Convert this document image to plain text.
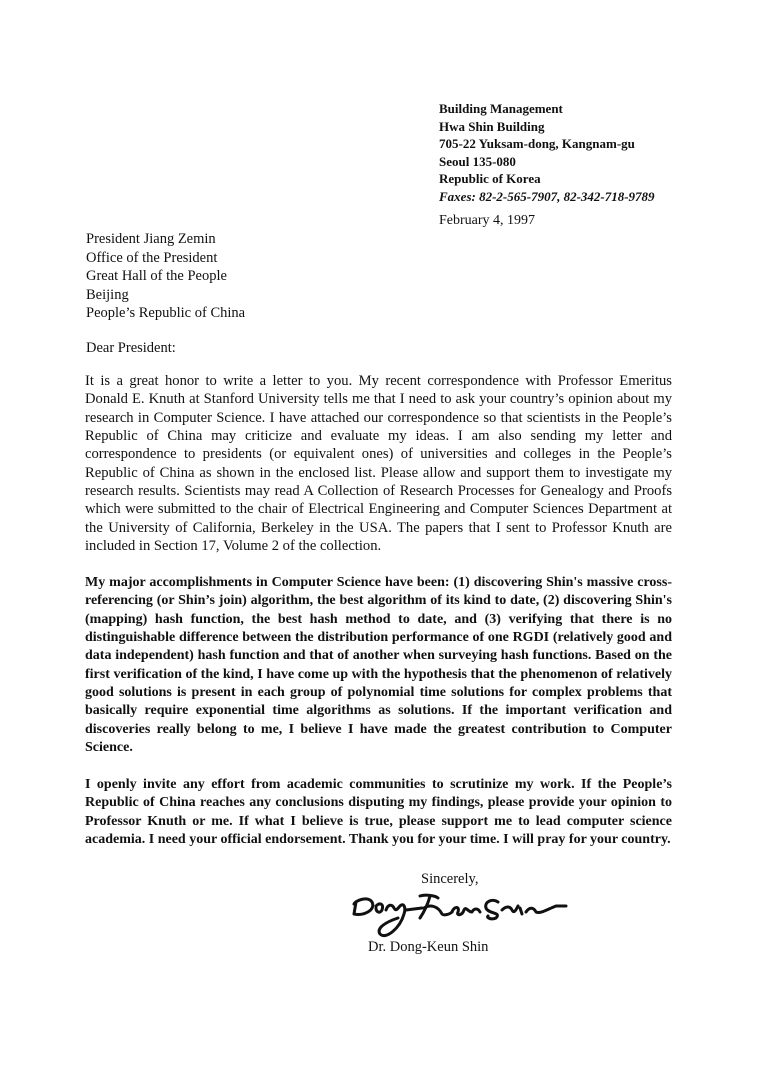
Building Management
Hwa Shin Building
705-22 Yuksam-dong, Kangnam-gu
Seoul 135-080
Republic of Korea
Faxes: 82-2-565-7907, 82-342-718-9789
February 4, 1997
President Jiang Zemin
Office of the President
Great Hall of the People
Beijing
People’s Republic of China
Dear President:

It is a great honor to write a letter to you. My recent correspondence with Professor Emeritus Donald E. Knuth at Stanford University tells me that I need to ask your country’s opinion about my research in Computer Science. I have attached our correspondence so that scientists in the People’s Republic of China may criticize and evaluate my ideas. I am also sending my letter and correspondence to presidents (or equivalent ones) of universities and colleges in the People’s Republic of China as shown in the enclosed list. Please allow and support them to investigate my research results. Scientists may read A Collection of Research Processes for Genealogy and Proofs which were submitted to the chair of Electrical Engineering and Computer Sciences Department at the University of California, Berkeley in the USA. The papers that I sent to Professor Knuth are included in Section 17, Volume 2 of the collection.

My major accomplishments in Computer Science have been: (1) discovering Shin's massive cross-referencing (or Shin’s join) algorithm, the best algorithm of its kind to date, (2) discovering Shin's (mapping) hash function, the best hash method to date, and (3) verifying that there is no distinguishable difference between the distribution performance of one RGDI (relatively good and data independent) hash function and that of another when surveying hash functions. Based on the first verification of the kind, I have come up with the hypothesis that the phenomenon of relatively good solutions is present in each group of polynomial time solutions for complex problems that basically require exponential time algorithms as solutions. If the important verification and discoveries really belong to me, I believe I have made the greatest contribution to Computer Science.

I openly invite any effort from academic communities to scrutinize my work. If the People’s Republic of China reaches any conclusions disputing my findings, please provide your opinion to Professor Knuth or me. If what I believe is true, please support me to lead computer science academia. I need your official endorsement. Thank you for your time. I will pray for your country.

Sincerely,
Dr. Dong-Keun Shin
